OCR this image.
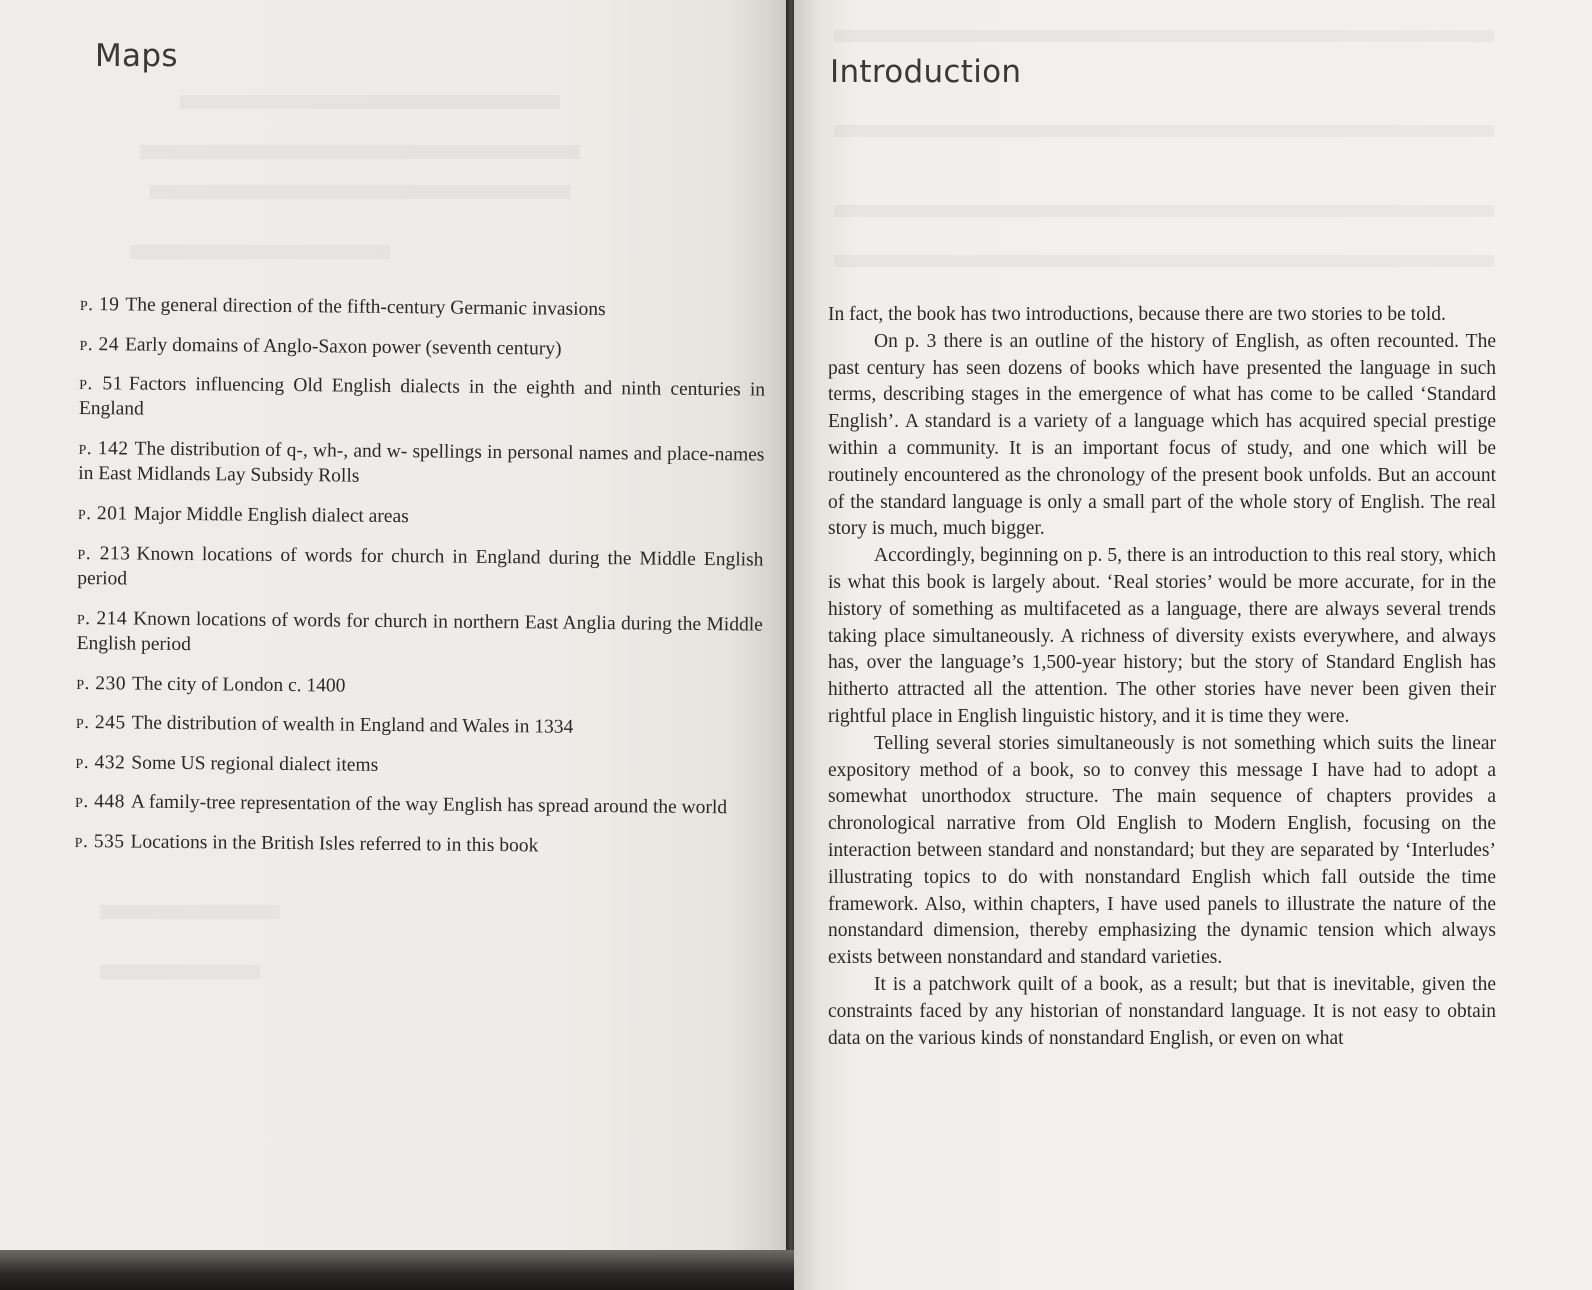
Maps
p. 19 The general direction of the fifth-century Germanic invasions
p. 24 Early domains of Anglo-Saxon power (seventh century)
p. 51 Factors influencing Old English dialects in the eighth and ninth centuries in England
p. 142 The distribution of q-, wh-, and w- spellings in personal names and place-names in East Midlands Lay Subsidy Rolls
p. 201 Major Middle English dialect areas
p. 213 Known locations of words for church in England during the Middle English period
p. 214 Known locations of words for church in northern East Anglia during the Middle English period
p. 230 The city of London c. 1400
p. 245 The distribution of wealth in England and Wales in 1334
p. 432 Some US regional dialect items
p. 448 A family-tree representation of the way English has spread around the world
p. 535 Locations in the British Isles referred to in this book
Introduction

In fact, the book has two introductions, because there are two stories to be told.

On p. 3 there is an outline of the history of English, as often recounted. The past century has seen dozens of books which have presented the language in such terms, describing stages in the emergence of what has come to be called ‘Standard English’. A standard is a variety of a language which has acquired special prestige within a community. It is an important focus of study, and one which will be routinely encountered as the chronology of the present book unfolds. But an account of the standard language is only a small part of the whole story of English. The real story is much, much bigger.

Accordingly, beginning on p. 5, there is an introduction to this real story, which is what this book is largely about. ‘Real stories’ would be more accurate, for in the history of something as multifaceted as a language, there are always several trends taking place simultaneously. A richness of diversity exists everywhere, and always has, over the language’s 1,500-year history; but the story of Standard English has hitherto attracted all the attention. The other stories have never been given their rightful place in English linguistic history, and it is time they were.

Telling several stories simultaneously is not something which suits the linear expository method of a book, so to convey this message I have had to adopt a somewhat unorthodox structure. The main sequence of chapters provides a chronological narrative from Old English to Modern English, focusing on the interaction between standard and nonstandard; but they are separated by ‘Interludes’ illustrating topics to do with nonstandard English which fall outside the time framework. Also, within chapters, I have used panels to illustrate the nature of the nonstandard dimension, thereby emphasizing the dynamic tension which always exists between nonstandard and standard varieties.

It is a patchwork quilt of a book, as a result; but that is inevitable, given the constraints faced by any historian of nonstandard language. It is not easy to obtain data on the various kinds of nonstandard English, or even on what
